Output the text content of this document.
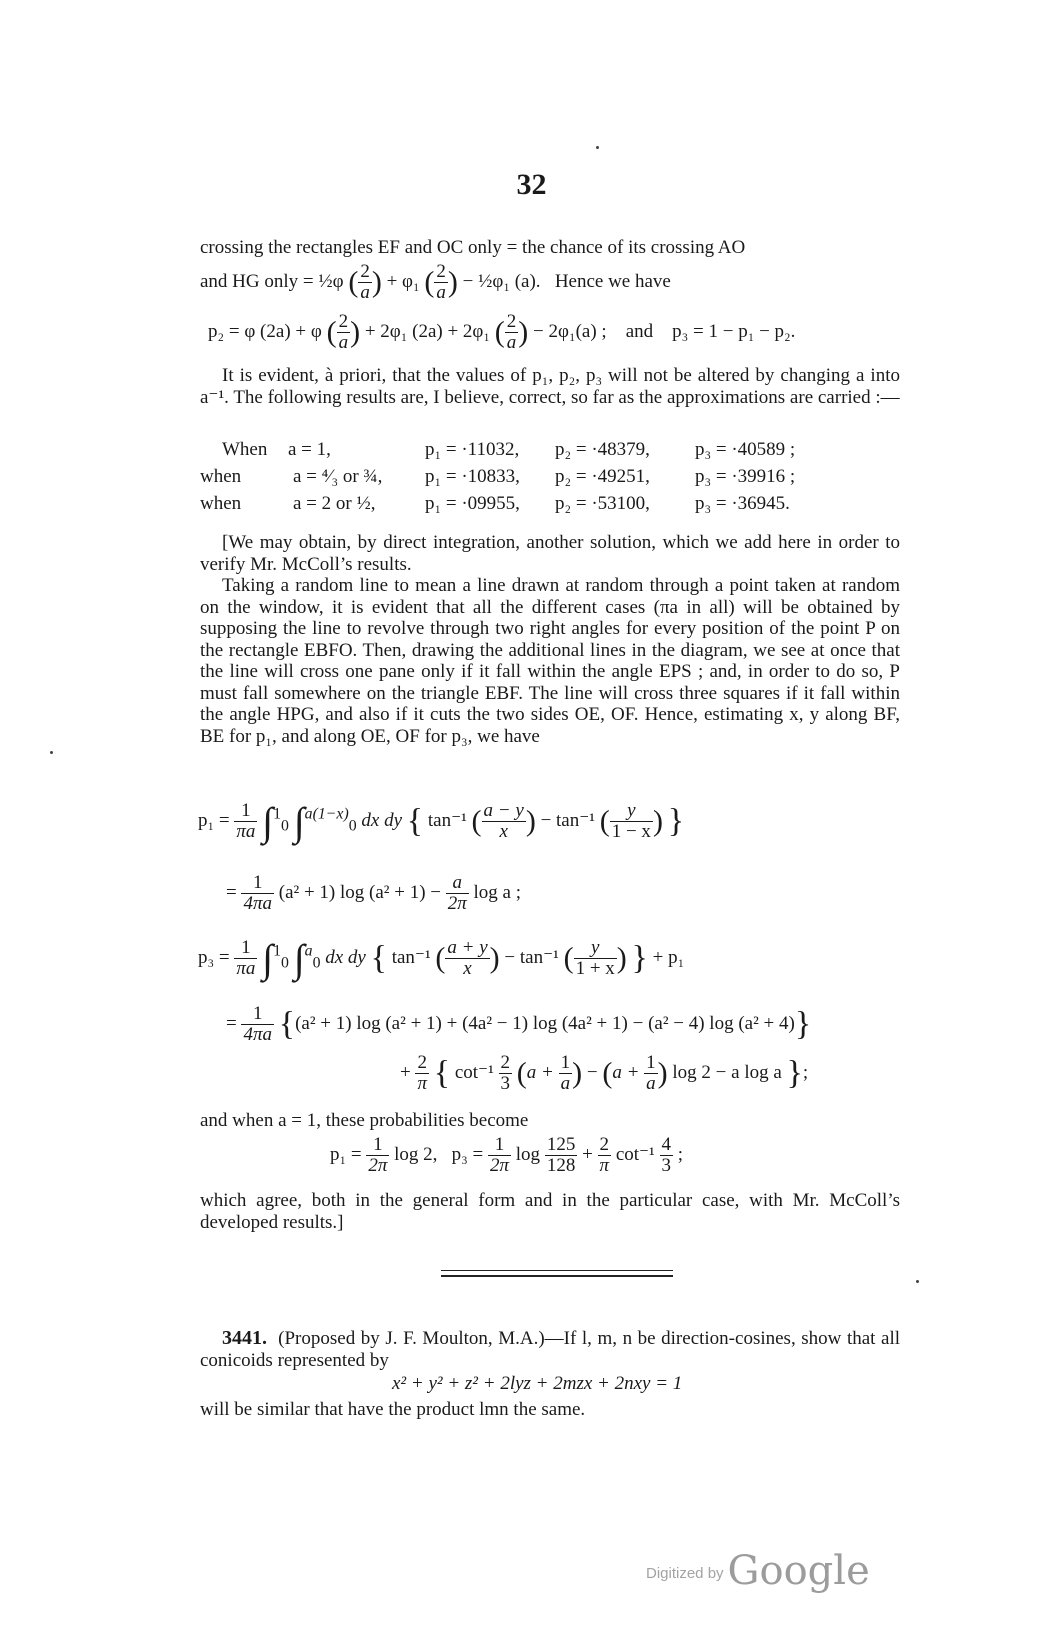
32

crossing the rectangles EF and OC only = the chance of its crossing AO

and HG only = ½φ ( $\frac{2}{a}$ ) + φ₁ ( $\frac{2}{a}$ ) − ½φ₁ (a). Hence we have
p₂ = φ (2a) + φ ( $\frac{2}{a}$ ) + 2φ₁ (2a) + 2φ₁ ( $\frac{2}{a}$ ) − 2φ₁(a) ; and p₃ = 1 − p₁ − p₂.

It is evident, à priori, that the values of p₁, p₂, p₃ will not be altered by changing a into a⁻¹. The following results are, I believe, correct, so far as the approximations are carried :—

When a = 1,	p₁ = ·11032, p₂ = ·48379, p₃ = ·40589 ;
when	a = ⁴⁄₃ or ¾, p₁ = ·10833, p₂ = ·49251, p₃ = ·39916 ;
when	a = 2 or ½,	p₁ = ·09955, p₂ = ·53100, p₃ = ·36945.

[We may obtain, by direct integration, another solution, which we add here in order to verify Mr. McColl’s results.

Taking a random line to mean a line drawn at random through a point taken at random on the window, it is evident that all the different cases (πa in all) will be obtained by supposing the line to revolve through two right angles for every position of the point P on the rectangle EBFO. Then, drawing the additional lines in the diagram, we see at once that the line will cross one pane only if it fall within the angle EPS ; and, in order to do so, P must fall somewhere on the triangle EBF. The line will cross three squares if it fall within the angle HPG, and also if it cuts the two sides OE, OF. Hence, estimating x, y along BF, BE for p₁, and along OE, OF for p₃, we have

$p_1 = \frac{1}{\pi a} \int^1_0$ ∫$^{a(1-x)}_0$ dx dy { tan⁻¹ ( $\frac{a - y}{x}$ ) − tan⁻¹ ( $\frac{y}{1 - x}$ ) }
= $\frac{1}{4\pi a} (a^2 + 1)$ $\log (a^2 + 1) - \frac{a}{2\pi}$ log a ;
$p_3 = \frac{1}{\pi a} \int^1_0$ ∫$^a_0$ dx dy { tan⁻¹ ( $\frac{a + y}{x}$ ) − tan⁻¹ ( $\frac{y}{1 + x}$ ) } + p₁
= $\frac{1}{4\pi a} \{(a^2 + 1)$ log (a² + 1) + (4a² − 1) log (4a² + 1) − (a² − 4) log (a² + 4)}
+ $\frac{2}{\pi}$ { $\cot^{-1} \frac{2}{3} (a + \frac{1}{a}$ ) − ($a + \frac{1}{a}$ ) log 2 − a log a };

and when a = 1, these probabilities become

$p_1 = \frac{1}{2\pi}$ log 2, $p_3 = \frac{1}{2\pi}$ $\log \frac{125}{128} + \frac{2}{\pi} \cot^{-1} \frac{4}{3}$ ;

which agree, both in the general form and in the particular case, with Mr. McColl’s developed results.]

3441. (Proposed by J. F. Moulton, M.A.)—If l, m, n be direction-cosines, show that all conicoids represented by

x² + y² + z² + 2lyz + 2mzx + 2nxy = 1

will be similar that have the product lmn the same.

Digitized by Google
